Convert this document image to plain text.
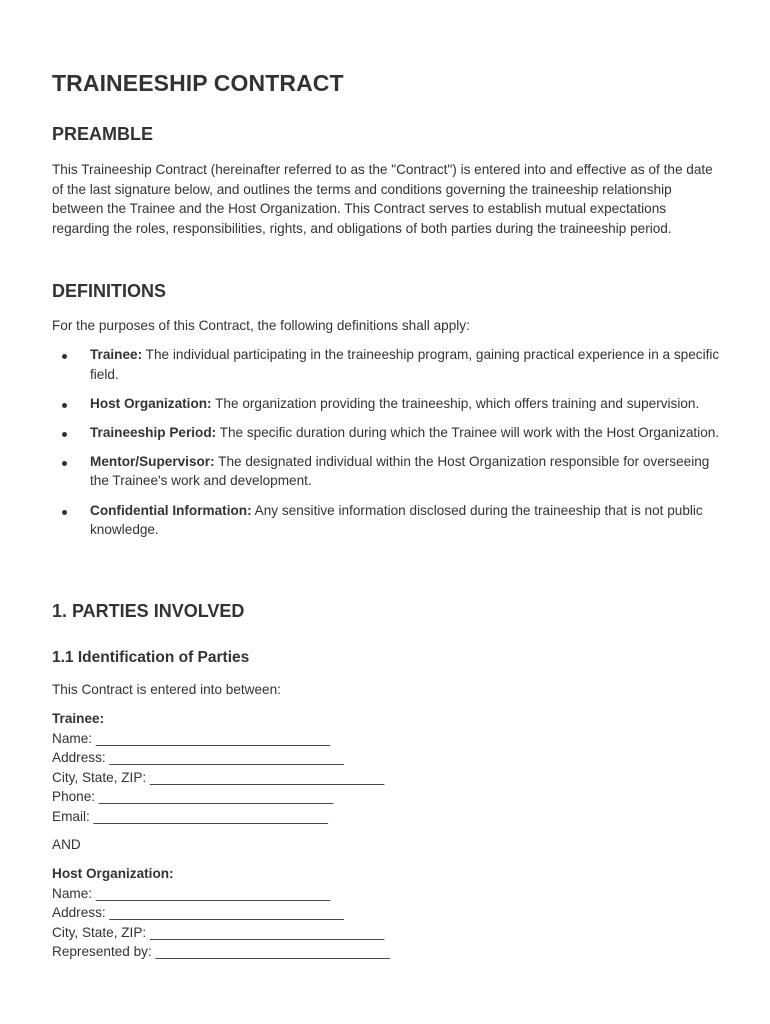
TRAINEESHIP CONTRACT
PREAMBLE

This Traineeship Contract (hereinafter referred to as the "Contract") is entered into and effective as of the date of the last signature below, and outlines the terms and conditions governing the traineeship relationship between the Trainee and the Host Organization. This Contract serves to establish mutual expectations regarding the roles, responsibilities, rights, and obligations of both parties during the traineeship period.

DEFINITIONS

For the purposes of this Contract, the following definitions shall apply:

Trainee: The individual participating in the traineeship program, gaining practical experience in a specific field.
Host Organization: The organization providing the traineeship, which offers training and supervision.
Traineeship Period: The specific duration during which the Trainee will work with the Host Organization.
Mentor/Supervisor: The designated individual within the Host Organization responsible for overseeing the Trainee's work and development.
Confidential Information: Any sensitive information disclosed during the traineeship that is not public knowledge.
1. PARTIES INVOLVED
1.1 Identification of Parties

This Contract is entered into between:

Trainee:
Name: _______________________________
Address: _______________________________
City, State, ZIP: _______________________________
Phone: _______________________________
Email: _______________________________

AND

Host Organization:
Name: _______________________________
Address: _______________________________
City, State, ZIP: _______________________________
Represented by: _______________________________
